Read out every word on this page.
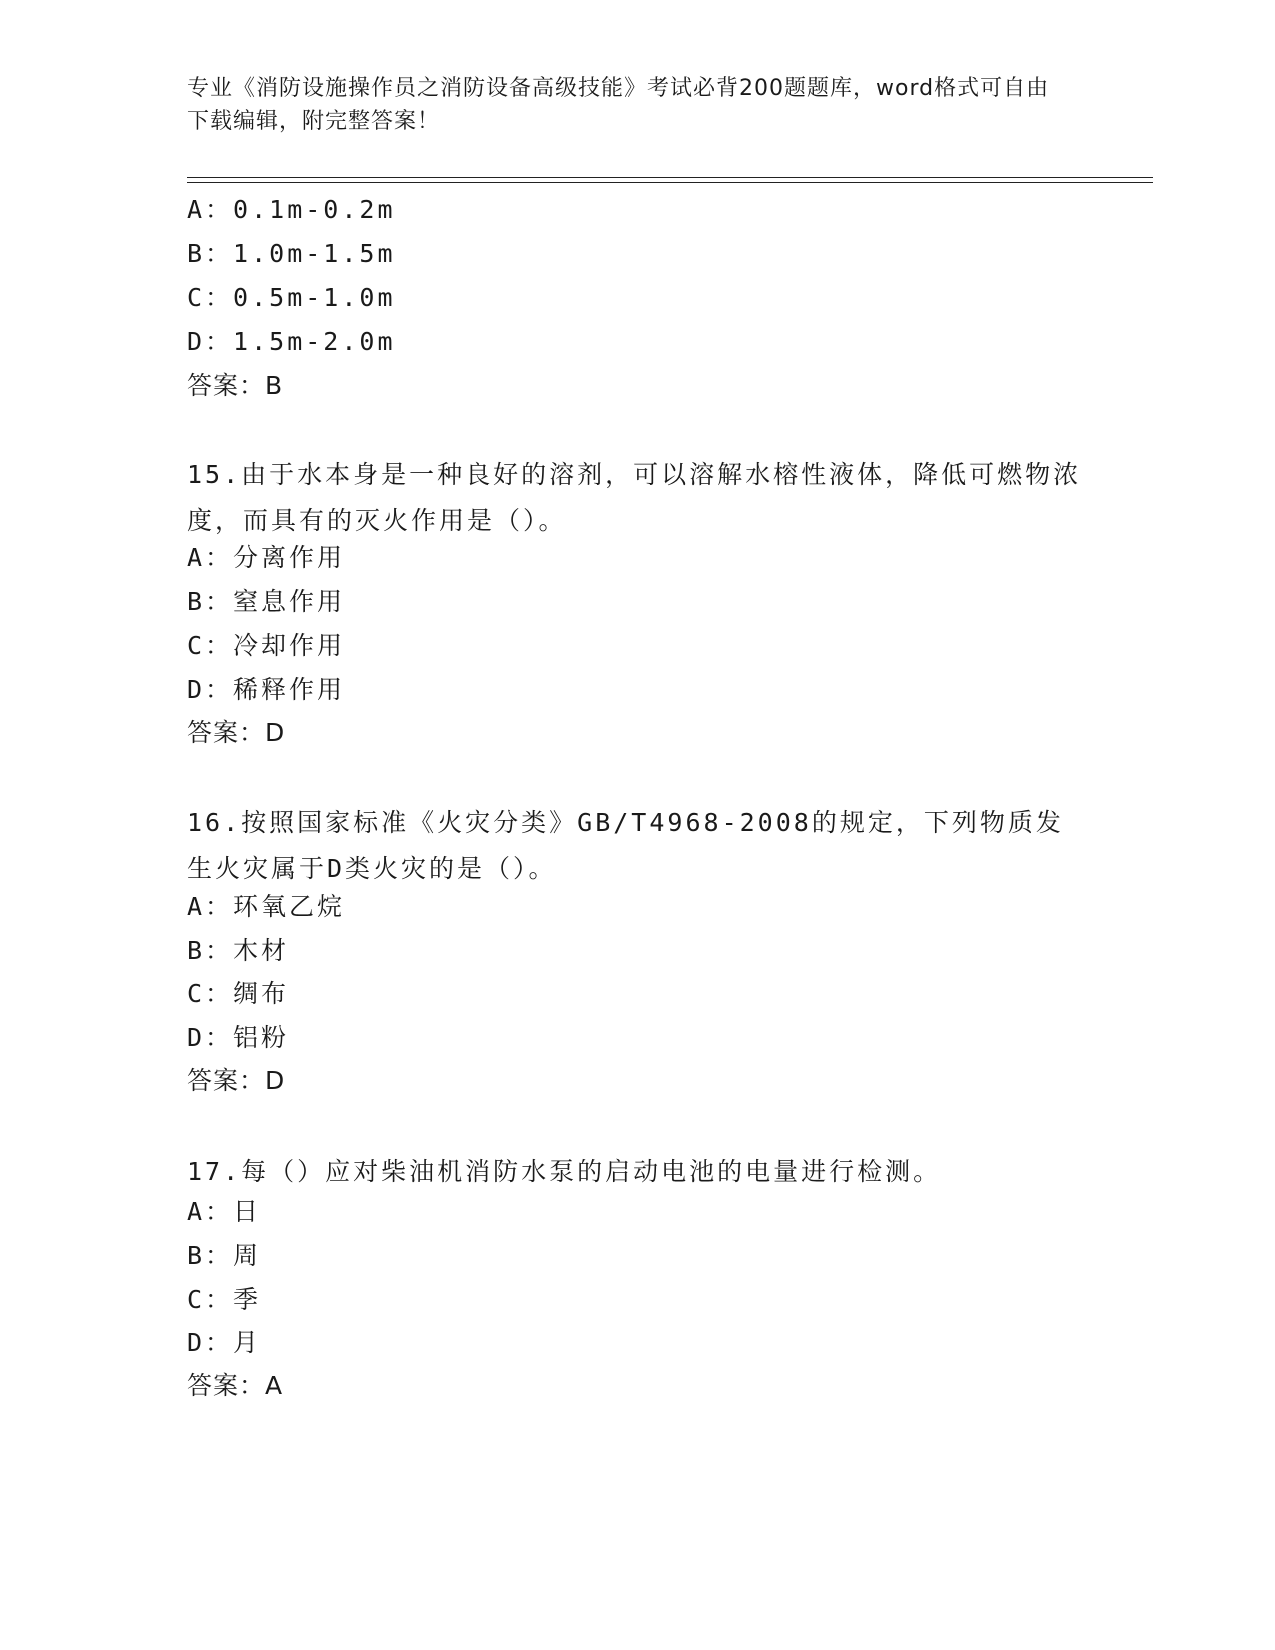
专业《消防设施操作员之消防设备高级技能》考试必背200题题库，word格式可自由下载编辑，附完整答案！
A：0.1m-0.2m
B：1.0m-1.5m
C：0.5m-1.0m
D：1.5m-2.0m
答案：B
15.由于水本身是一种良好的溶剂，可以溶解水榕性液体，降低可燃物浓度，而具有的灭火作用是（）。
A：分离作用
B：窒息作用
C：冷却作用
D：稀释作用
答案：D
16.按照国家标准《火灾分类》GB/T4968-2008的规定，下列物质发生火灾属于D类火灾的是（）。
A：环氧乙烷
B：木材
C：绸布
D：铝粉
答案：D
17.每（）应对柴油机消防水泵的启动电池的电量进行检测。
A：日
B：周
C：季
D：月
答案：A
